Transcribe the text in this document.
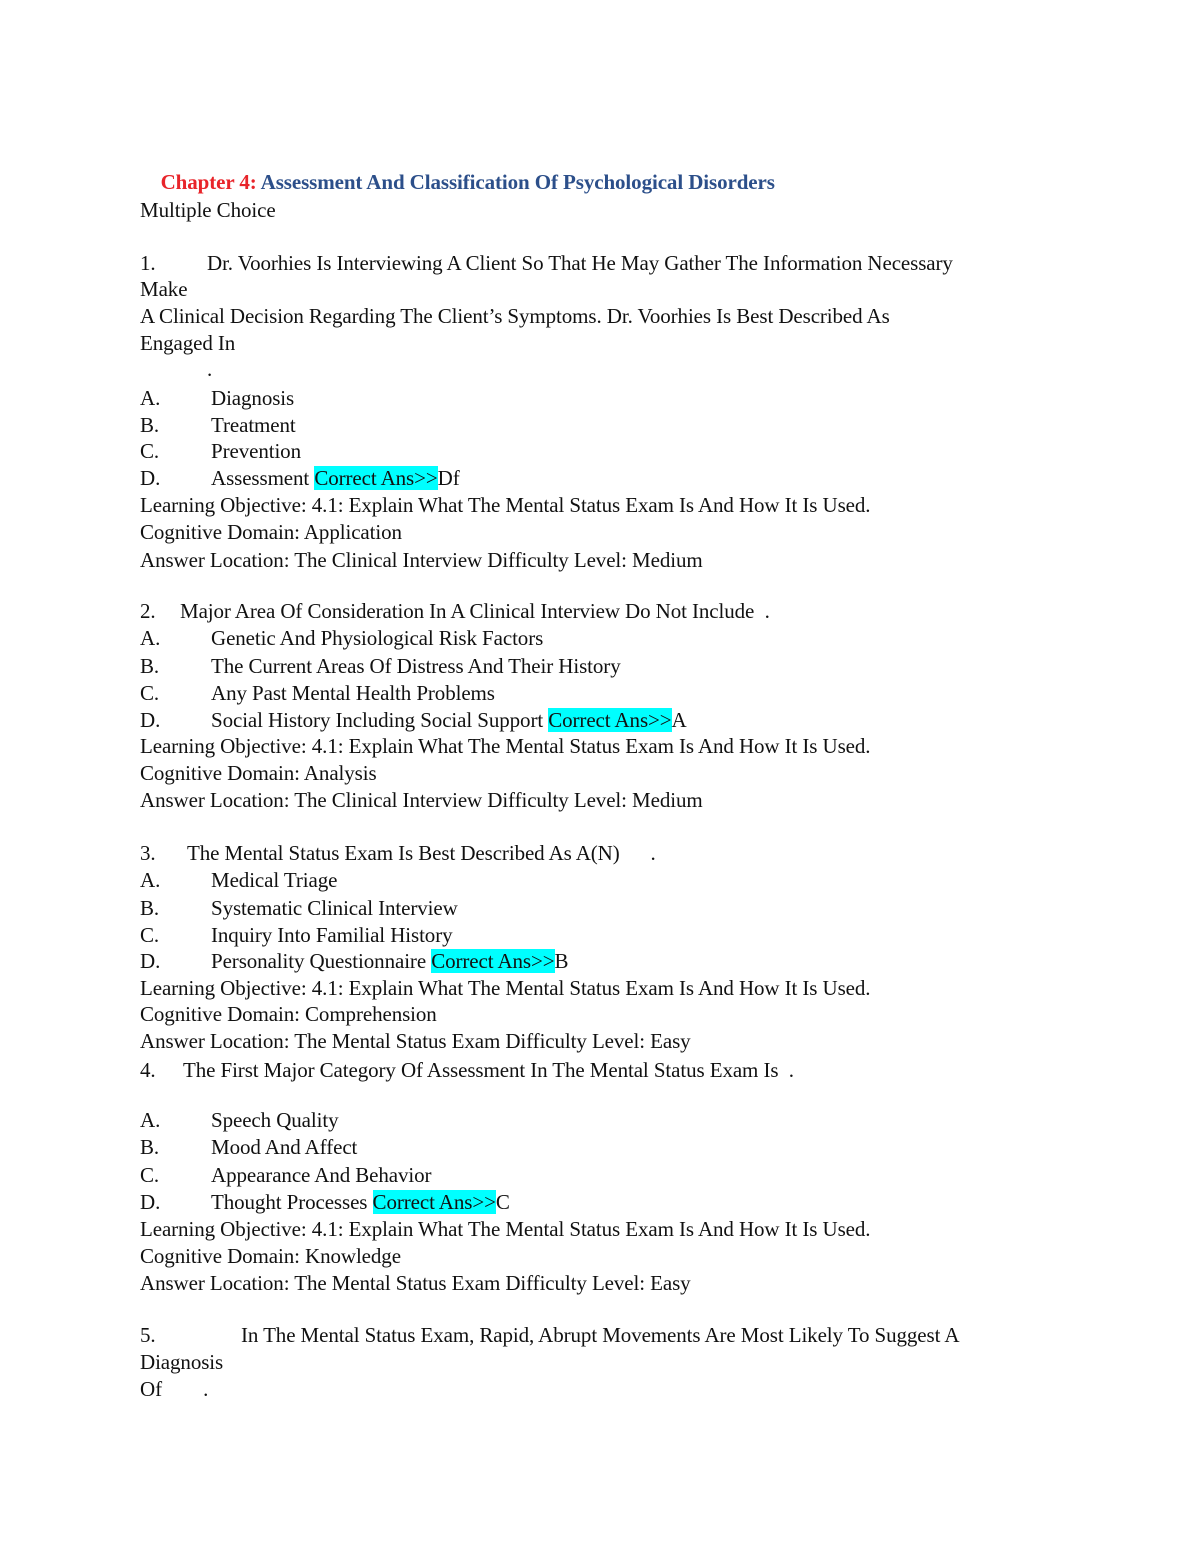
Chapter 4: Assessment And Classification Of Psychological Disorders

Multiple Choice
1. Dr. Voorhies Is Interviewing A Client So That He May Gather The Information Necessary
Make
A Clinical Decision Regarding The Client’s Symptoms. Dr. Voorhies Is Best Described As
Engaged In
.
A. Diagnosis
B. Treatment
C. Prevention
D. Assessment Correct Ans>>Df
Learning Objective: 4.1: Explain What The Mental Status Exam Is And How It Is Used.
Cognitive Domain: Application
Answer Location: The Clinical Interview Difficulty Level: Medium
2. Major Area Of Consideration In A Clinical Interview Do Not Include  .
A. Genetic And Physiological Risk Factors
B. The Current Areas Of Distress And Their History
C. Any Past Mental Health Problems
D. Social History Including Social Support Correct Ans>>A
Learning Objective: 4.1: Explain What The Mental Status Exam Is And How It Is Used.
Cognitive Domain: Analysis
Answer Location: The Clinical Interview Difficulty Level: Medium
3. The Mental Status Exam Is Best Described As A(N)      .
A. Medical Triage
B. Systematic Clinical Interview
C. Inquiry Into Familial History
D. Personality Questionnaire Correct Ans>>B
Learning Objective: 4.1: Explain What The Mental Status Exam Is And How It Is Used.
Cognitive Domain: Comprehension
Answer Location: The Mental Status Exam Difficulty Level: Easy
4. The First Major Category Of Assessment In The Mental Status Exam Is  .
A. Speech Quality
B. Mood And Affect
C. Appearance And Behavior
D. Thought Processes Correct Ans>>C
Learning Objective: 4.1: Explain What The Mental Status Exam Is And How It Is Used.
Cognitive Domain: Knowledge
Answer Location: The Mental Status Exam Difficulty Level: Easy
5.	In The Mental Status Exam, Rapid, Abrupt Movements Are Most Likely To Suggest A
Diagnosis
Of        .
